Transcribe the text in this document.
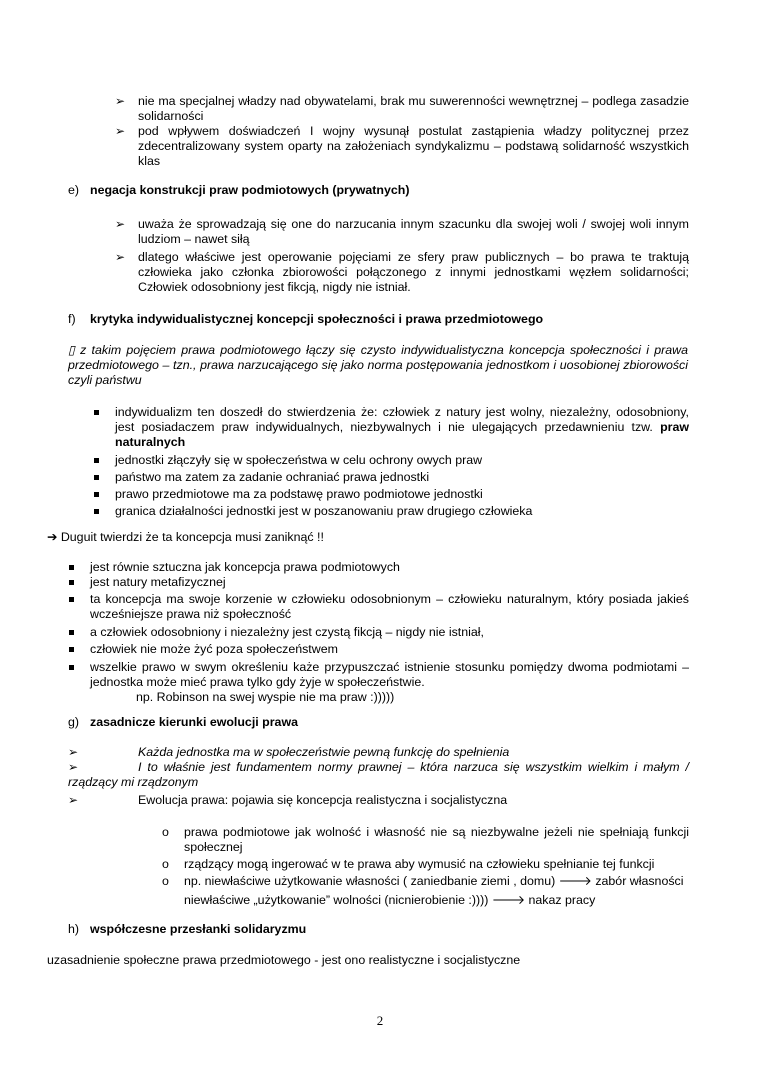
➢ nie ma specjalnej władzy nad obywatelami, brak mu suwerenności wewnętrznej – podlega zasadzie solidarności
➢ pod wpływem doświadczeń I wojny wysunął postulat zastąpienia władzy politycznej przez zdecentralizowany system oparty na założeniach syndykalizmu – podstawą solidarność wszystkich klas
e) negacja konstrukcji praw podmiotowych (prywatnych)
➢ uważa że sprowadzają się one do narzucania innym szacunku dla swojej woli / swojej woli innym ludziom – nawet siłą
➢ dlatego właściwe jest operowanie pojęciami ze sfery praw publicznych – bo prawa te traktują człowieka jako członka zbiorowości połączonego z innymi jednostkami węzłem solidarności; Człowiek odosobniony jest fikcją, nigdy nie istniał.
f) krytyka indywidualistycznej koncepcji społeczności i prawa przedmiotowego
▯ z takim pojęciem prawa podmiotowego łączy się czysto indywidualistyczna koncepcja społeczności i prawa przedmiotowego – tzn., prawa narzucającego się jako norma postępowania jednostkom i uosobionej zbiorowości czyli państwu
indywidualizm ten doszedł do stwierdzenia że: człowiek z natury jest wolny, niezależny, odosobniony, jest posiadaczem praw indywidualnych, niezbywalnych i nie ulegających przedawnieniu tzw. praw naturalnych
jednostki złączyły się w społeczeństwa w celu ochrony owych praw
państwo ma zatem za zadanie ochraniać prawa jednostki
prawo przedmiotowe ma za podstawę prawo podmiotowe jednostki
granica działalności jednostki jest w poszanowaniu praw drugiego człowieka
➔ Duguit twierdzi że ta koncepcja musi zaniknąć !!
jest równie sztuczna jak koncepcja prawa podmiotowych
jest natury metafizycznej
ta koncepcja ma swoje korzenie w człowieku odosobnionym – człowieku naturalnym, który posiada jakieś wcześniejsze prawa niż społeczność
a człowiek odosobniony i niezależny jest czystą fikcją – nigdy nie istniał,
człowiek nie może żyć poza społeczeństwem
wszelkie prawo w swym określeniu każe przypuszczać istnienie stosunku pomiędzy dwoma podmiotami – jednostka może mieć prawa tylko gdy żyje w społeczeństwie.
np. Robinson na swej wyspie nie ma praw :)))))
g) zasadnicze kierunki ewolucji prawa
➢	Każda jednostka ma w społeczeństwie pewną funkcję do spełnienia
➢	I to właśnie jest fundamentem normy prawnej – która narzuca się wszystkim wielkim i małym / rządzący mi rządzonym
➢	Ewolucja prawa: pojawia się koncepcja realistyczna i socjalistyczna
o prawa podmiotowe jak wolność i własność nie są niezbywalne jeżeli nie spełniają funkcji społecznej
o rządzący mogą ingerować w te prawa aby wymusić na człowieku spełnianie tej funkcji
o np. niewłaściwe użytkowanie własności ( zaniedbanie ziemi , domu) 🡒 zabór własności
niewłaściwe „użytkowanie” wolności (nicnierobienie :)))) 🡒 nakaz pracy
h) współczesne przesłanki solidaryzmu
uzasadnienie społeczne prawa przedmiotowego - jest ono realistyczne i socjalistyczne
2
